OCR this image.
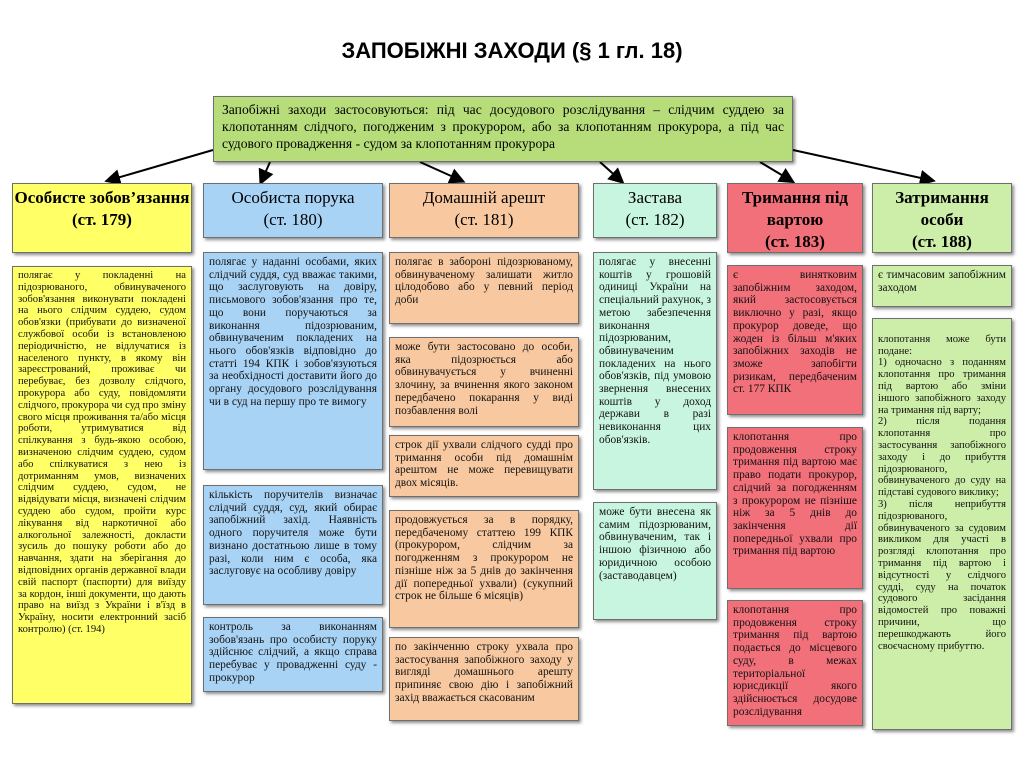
ЗАПОБІЖНІ ЗАХОДИ (§ 1 гл. 18)
Запобіжні заходи застосовуються: під час досудового розслідування – слідчим суддею за клопотанням слідчого, погодженим з прокурором, або за клопотанням прокурора, а під час судового провадження - судом за клопотанням прокурора
Особисте зобов’язання
(ст. 179)
полягає у покладенні на підозрюваного, обвинуваченого зобов'язання виконувати покладені на нього слідчим суддею, судом обов'язки (прибувати до визначеної службової особи із встановленою періодичністю, не відлучатися із населеного пункту, в якому він зареєстрований, проживає чи перебуває, без дозволу слідчого, прокурора або суду, повідомляти слідчого, прокурора чи суд про зміну свого місця проживання та/або місця роботи, утримуватися від спілкування з будь-якою особою, визначеною слідчим суддею, судом або спілкуватися з нею із дотриманням умов, визначених слідчим суддею, судом, не відвідувати місця, визначені слідчим суддею або судом, пройти курс лікування від наркотичної або алкогольної залежності, докласти зусиль до пошуку роботи або до навчання, здати на зберігання до відповідних органів державної влади свій паспорт (паспорти) для виїзду за кордон, інші документи, що дають право на виїзд з України і в'їзд в Україну, носити електронний засіб контролю) (ст. 194)
Особиста порука
(ст. 180)
полягає у наданні особами, яких слідчий суддя, суд вважає такими, що заслуговують на довіру, письмового зобов'язання про те, що вони поручаються за виконання підозрюваним, обвинуваченим покладених на нього обов'язків відповідно до статті 194 КПК і зобов'язуються за необхідності доставити його до органу досудового розслідування чи в суд на першу про те вимогу
кількість поручителів визначає слідчий суддя, суд, який обирає запобіжний захід. Наявність одного поручителя може бути визнано достатньою лише в тому разі, коли ним є особа, яка заслуговує на особливу довіру
контроль за виконанням зобов'язань про особисту поруку здійснює слідчий, а якщо справа перебуває у провадженні суду - прокурор
Домашній арешт
(ст. 181)
полягає в забороні підозрюваному, обвинуваченому залишати житло цілодобово або у певний період доби
може бути застосовано до особи, яка підозрюється або обвинувачується у вчиненні злочину, за вчинення якого законом передбачено покарання у виді позбавлення волі
строк дії ухвали слідчого судді про тримання особи під домашнім арештом не може перевищувати двох місяців.
продовжується за в порядку, передбаченому статтею 199 КПК (прокурором, слідчим за погодженням з прокурором не пізніше ніж за 5 днів до закінчення дії попередньої ухвали) (сукупний строк не більше 6 місяців)
по закінченню строку ухвала про застосування запобіжного заходу у вигляді домашнього арешту припиняє свою дію і запобіжний захід вважається скасованим
Застава
(ст. 182)
полягає у внесенні коштів у грошовій одиниці України на спеціальний рахунок, з метою забезпечення виконання підозрюваним, обвинуваченим покладених на нього обов'язків, під умовою звернення внесених коштів у доход держави в разі невиконання цих обов'язків.
може бути внесена як самим підозрюваним, обвинуваченим, так і іншою фізичною або юридичною особою (заставодавцем)
Тримання під вартою
(ст. 183)
є винятковим запобіжним заходом, який застосовується виключно у разі, якщо прокурор доведе, що жоден із більш м'яких запобіжних заходів не зможе запобігти ризикам, передбаченим ст. 177 КПК
клопотання про продовження строку тримання під вартою має право подати прокурор, слідчий за погодженням з прокурором не пізніше ніж за 5 днів до закінчення дії попередньої ухвали про тримання під вартою
клопотання про продовження строку тримання під вартою подається до місцевого суду, в межах територіальної юрисдикції якого здійснюється досудове розслідування
Затримання особи
(ст. 188)
є тимчасовим запобіжним заходом

клопотання може бути подане:
1) одночасно з поданням клопотання про тримання під вартою або зміни іншого запобіжного заходу на тримання під варту;
2) після подання клопотання про застосування запобіжного заходу і до прибуття підозрюваного, обвинуваченого до суду на підставі судового виклику;
3) після неприбуття підозрюваного, обвинуваченого за судовим викликом для участі в розгляді клопотання про тримання під вартою і відсутності у слідчого судді, суду на початок судового засідання відомостей про поважні причини, що перешкоджають його своєчасному прибуттю.
